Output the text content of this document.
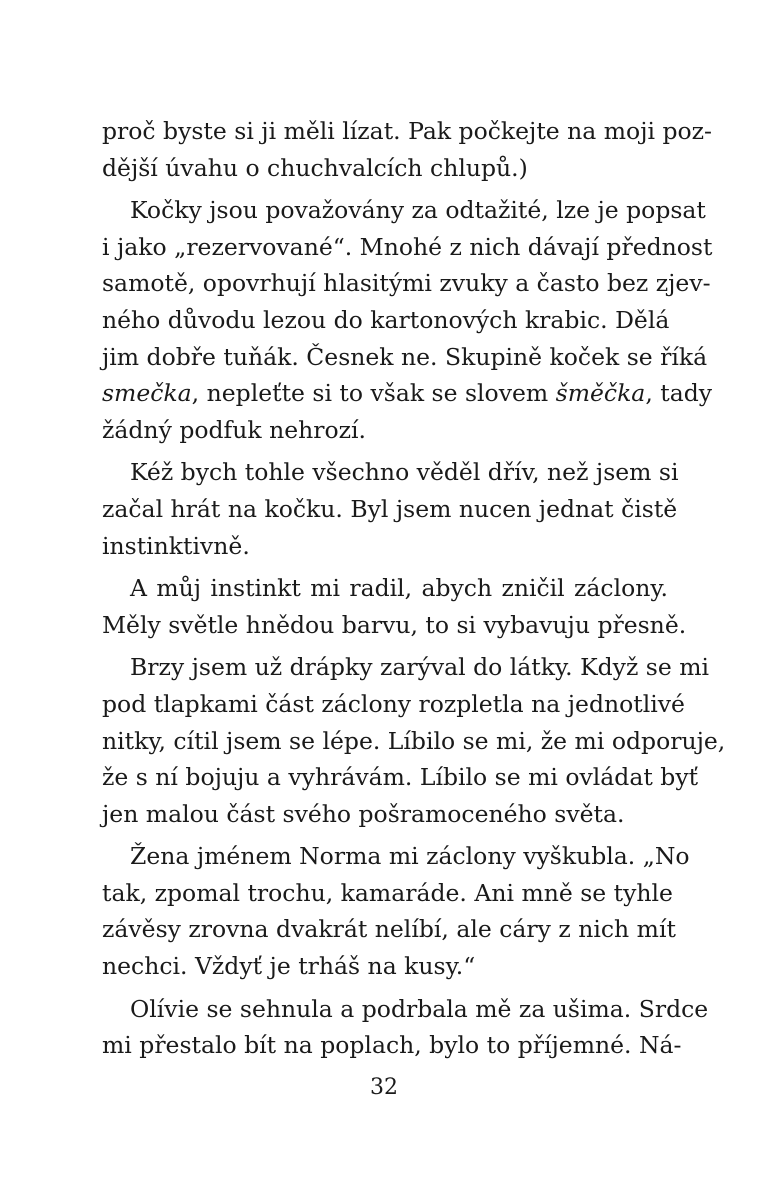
proč byste si ji měli lízat. Pak počkejte na moji poz-
dější úvahu o chuchvalcích chlupů.)
Kočky jsou považovány za odtažité, lze je popsat
i jako „rezervované“. Mnohé z nich dávají přednost
samotě, opovrhují hlasitými zvuky a často bez zjev-
ného důvodu lezou do kartonových krabic. Dělá
jim dobře tuňák. Česnek ne. Skupině koček se říká
smečka, nepleťte si to však se slovem šměčka, tady
žádný podfuk nehrozí.
Kéž bych tohle všechno věděl dřív, než jsem si
začal hrát na kočku. Byl jsem nucen jednat čistě
instinktivně.
A můj instinkt mi radil, abych zničil záclony.
Měly světle hnědou barvu, to si vybavuju přesně.
Brzy jsem už drápky zarýval do látky. Když se mi
pod tlapkami část záclony rozpletla na jednotlivé
nitky, cítil jsem se lépe. Líbilo se mi, že mi odporuje,
že s ní bojuju a vyhrávám. Líbilo se mi ovládat byť
jen malou část svého pošramoceného světa.
Žena jménem Norma mi záclony vyškubla. „No
tak, zpomal trochu, kamaráde. Ani mně se tyhle
závěsy zrovna dvakrát nelíbí, ale cáry z nich mít
nechci. Vždyť je trháš na kusy.“
Olívie se sehnula a podrbala mě za ušima. Srdce
mi přestalo bít na poplach, bylo to příjemné. Ná-
32
